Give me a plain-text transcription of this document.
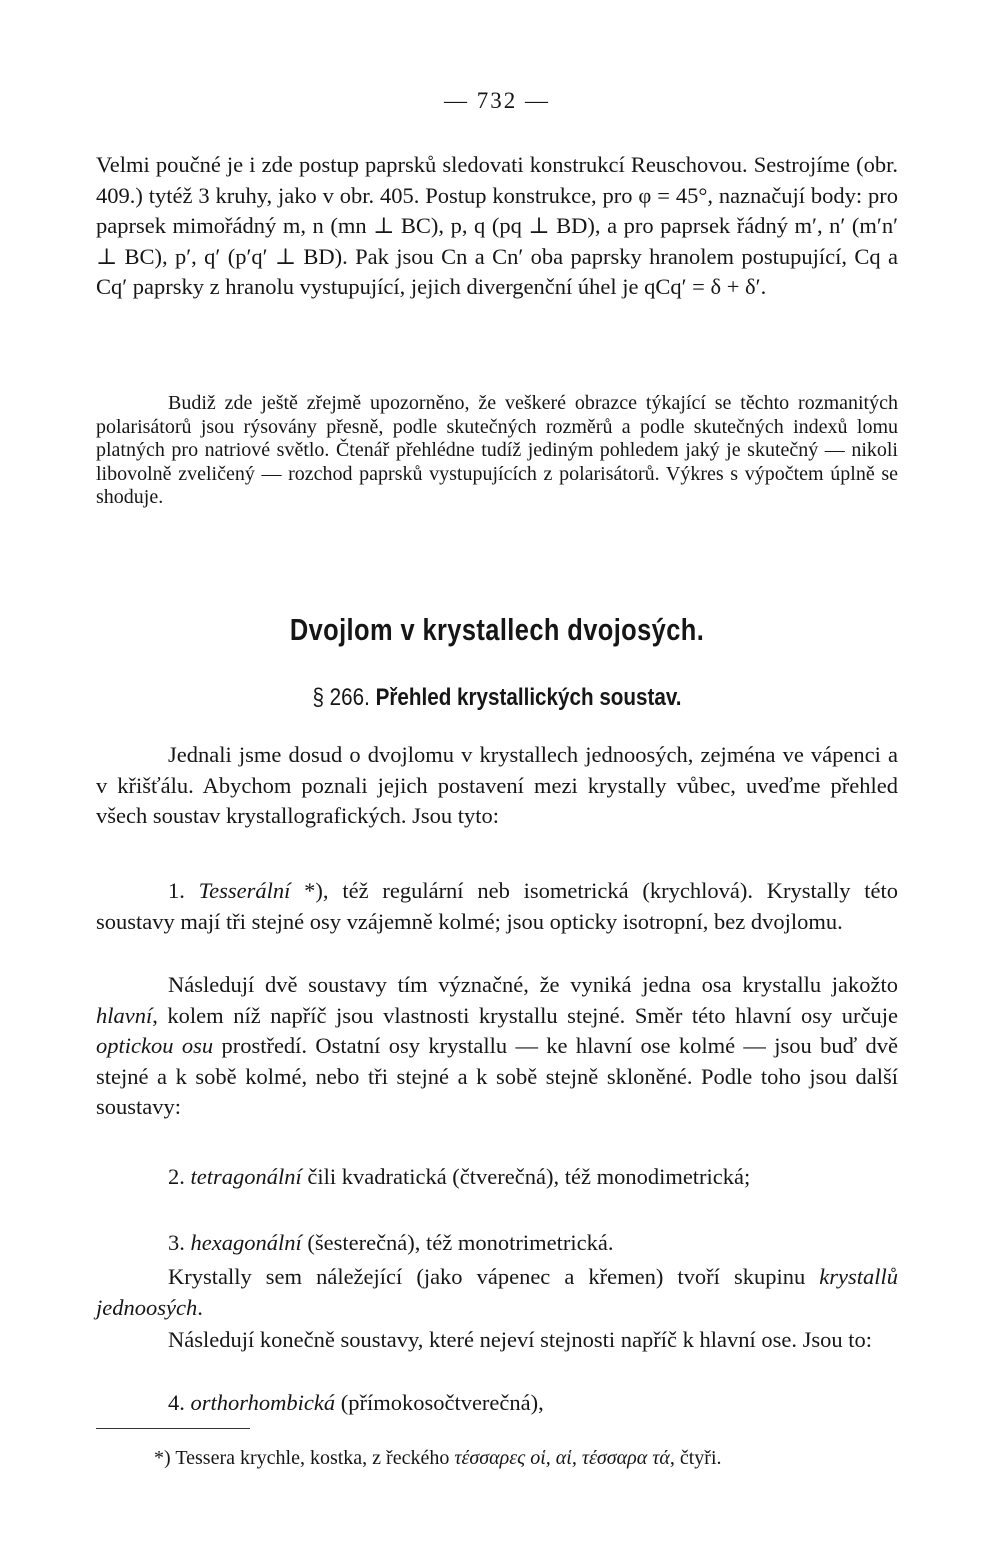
— 732 —

Velmi poučné je i zde postup paprsků sledovati konstrukcí Reuschovou. Sestrojíme (obr. 409.) tytéž 3 kruhy, jako v obr. 405. Postup konstrukce, pro φ = 45°, naznačují body: pro paprsek mimořádný m, n (mn ⊥ BC), p, q (pq ⊥ BD), a pro paprsek řádný m′, n′ (m′n′ ⊥ BC), p′, q′ (p′q′ ⊥ BD). Pak jsou Cn a Cn′ oba paprsky hranolem postupující, Cq a Cq′ paprsky z hranolu vystupující, jejich divergenční úhel je qCq′ = δ + δ′.

Budiž zde ještě zřejmě upozorněno, že veškeré obrazce týkající se těchto rozmanitých polarisátorů jsou rýsovány přesně, podle skutečných rozměrů a podle skutečných indexů lomu platných pro natriové světlo. Čtenář přehlédne tudíž jediným pohledem jaký je skutečný — nikoli libovolně zveličený — rozchod paprsků vystupujících z polarisátorů. Výkres s výpočtem úplně se shoduje.

Dvojlom v krystallech dvojosých.
§ 266. Přehled krystallických soustav.

Jednali jsme dosud o dvojlomu v krystallech jednoosých, zejména ve vápenci a v křišťálu. Abychom poznali jejich postavení mezi krystally vůbec, uveďme přehled všech soustav krystallografických. Jsou tyto:

1. Tesserální *), též regulární neb isometrická (krychlová). Krystally této soustavy mají tři stejné osy vzájemně kolmé; jsou opticky isotropní, bez dvojlomu.

Následují dvě soustavy tím význačné, že vyniká jedna osa krystallu jakožto hlavní, kolem níž napříč jsou vlastnosti krystallu stejné. Směr této hlavní osy určuje optickou osu prostředí. Ostatní osy krystallu — ke hlavní ose kolmé — jsou buď dvě stejné a k sobě kolmé, nebo tři stejné a k sobě stejně skloněné. Podle toho jsou další soustavy:

2. tetragonální čili kvadratická (čtverečná), též monodimetrická;

3. hexagonální (šesterečná), též monotrimetrická.

Krystally sem náležející (jako vápenec a křemen) tvoří skupinu krystallů jednoosých.

Následují konečně soustavy, které nejeví stejnosti napříč k hlavní ose. Jsou to:

4. orthorhombická (přímokosočtverečná),

*) Tessera krychle, kostka, z řeckého τέσσαρες οἱ, αἱ, τέσσαρα τά, čtyři.
